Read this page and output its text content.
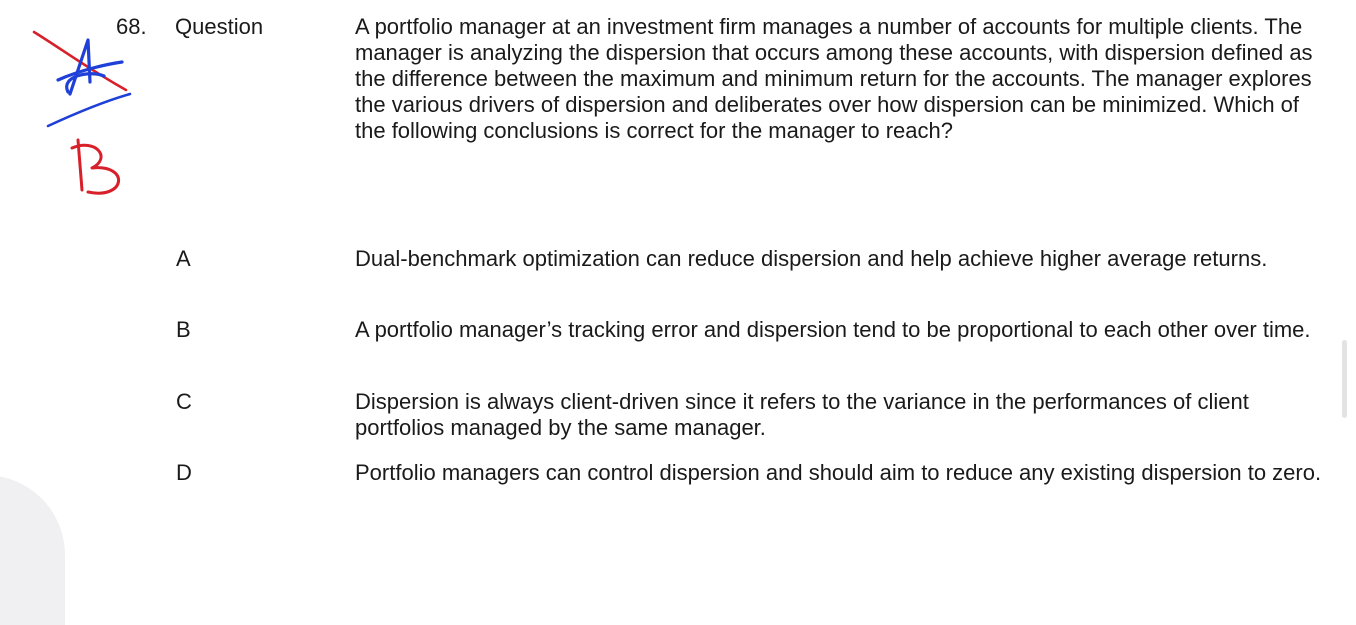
68. Question	A portfolio manager at an investment firm manages a number of accounts for multiple clients. The manager is analyzing the dispersion that occurs among these accounts, with dispersion defined as the difference between the maximum and minimum return for the accounts. The manager explores the various drivers of dispersion and deliberates over how dispersion can be minimized. Which of the following conclusions is correct for the manager to reach?
A	Dual-benchmark optimization can reduce dispersion and help achieve higher average returns.
B	A portfolio manager’s tracking error and dispersion tend to be proportional to each other over time.
C	Dispersion is always client-driven since it refers to the variance in the performances of client portfolios managed by the same manager.
D	Portfolio managers can control dispersion and should aim to reduce any existing dispersion to zero.
